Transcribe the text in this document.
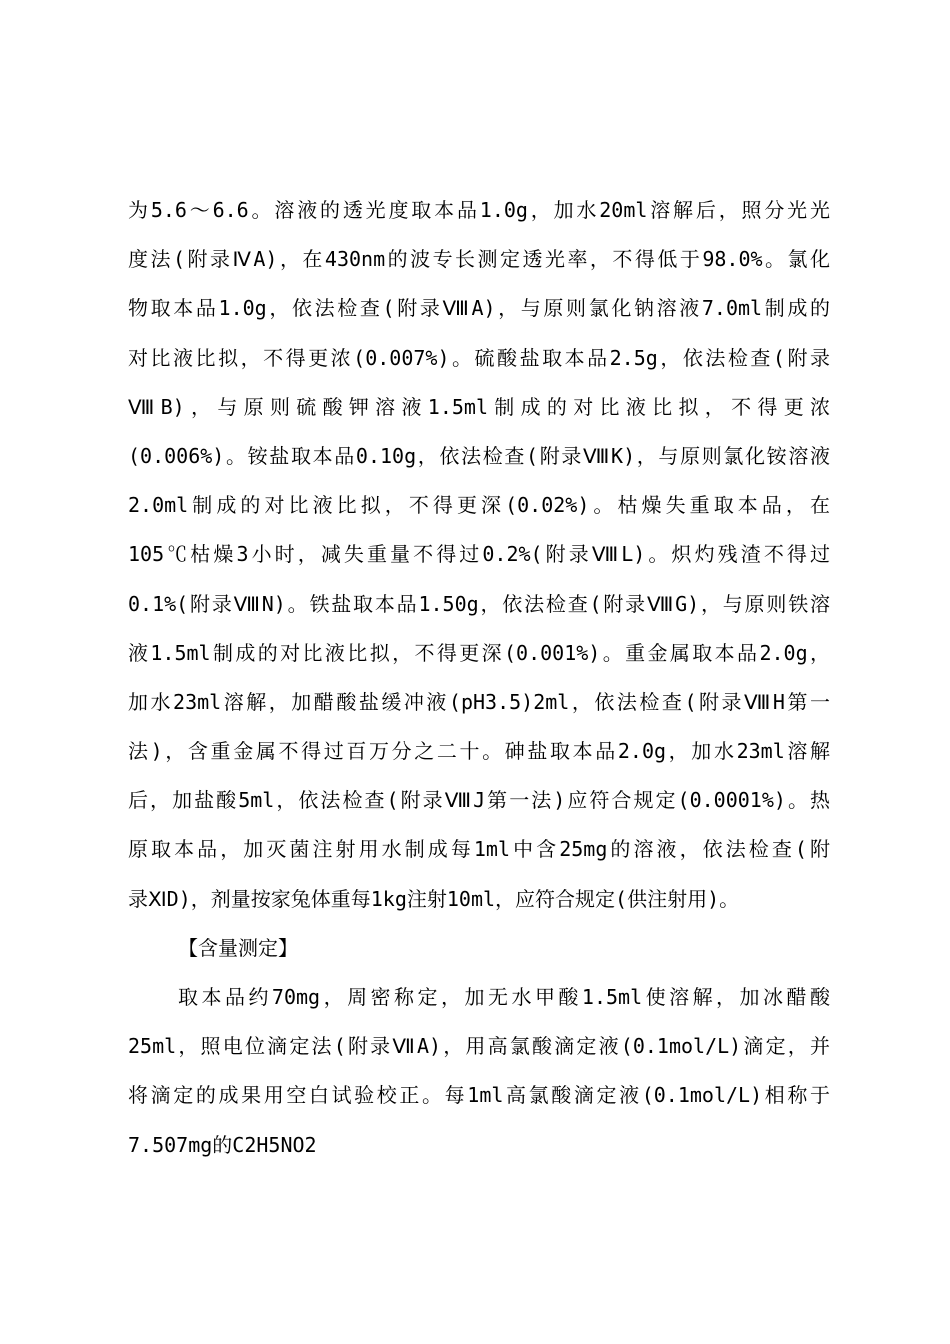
为5.6～6.6。溶液的透光度取本品1.0g，加水20ml溶解后，照分光光
度法(附录ⅣA)，在430nm的波专长测定透光率，不得低于98.0%。氯化
物取本品1.0g，依法检查(附录ⅧA)，与原则氯化钠溶液7.0ml制成的
对比液比拟，不得更浓(0.007%)。硫酸盐取本品2.5g，依法检查(附录
ⅧB)，与原则硫酸钾溶液1.5ml制成的对比液比拟，不得更浓
(0.006%)。铵盐取本品0.10g，依法检查(附录ⅧK)，与原则氯化铵溶液
2.0ml制成的对比液比拟，不得更深(0.02%)。枯燥失重取本品，在
105℃枯燥3小时，减失重量不得过0.2%(附录ⅧL)。炽灼残渣不得过
0.1%(附录ⅧN)。铁盐取本品1.50g，依法检查(附录ⅧG)，与原则铁溶
液1.5ml制成的对比液比拟，不得更深(0.001%)。重金属取本品2.0g，
加水23ml溶解，加醋酸盐缓冲液(pH3.5)2ml，依法检查(附录ⅧH第一
法)，含重金属不得过百万分之二十。砷盐取本品2.0g，加水23ml溶解
后，加盐酸5ml，依法检查(附录ⅧJ第一法)应符合规定(0.0001%)。热
原取本品，加灭菌注射用水制成每1ml中含25mg的溶液，依法检查(附
录ⅪD)，剂量按家兔体重每1kg注射10ml，应符合规定(供注射用)。
【含量测定】
取本品约70mg，周密称定，加无水甲酸1.5ml使溶解，加冰醋酸
25ml，照电位滴定法(附录ⅦA)，用高氯酸滴定液(0.1mol/L)滴定，并
将滴定的成果用空白试验校正。每1ml高氯酸滴定液(0.1mol/L)相称于
7.507mg的C2H5NO2
